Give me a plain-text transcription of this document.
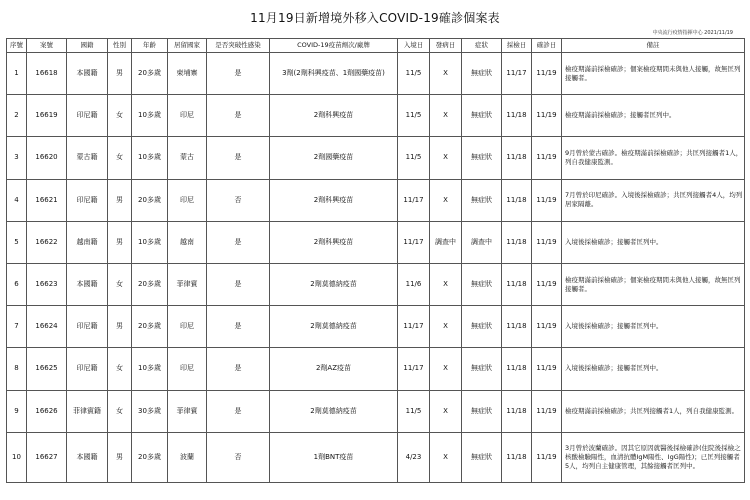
11月19日新增境外移入COVID-19確診個案表
中央流行疫情指揮中心 2021/11/19
序號	案號	國籍	性別	年齡	居留國家	是否突破性感染	COVID-19疫苗劑次/廠牌	入境日	發病日	症狀	採檢日	確診日	備註
1	16618	本國籍	男	20多歲	柬埔寨	是	3劑(2劑科興疫苗、1劑國藥疫苗)	11/5	X	無症狀	11/17	11/19	檢疫期滿前採檢確診；個案檢疫期間未與他人接觸，故無匡列接觸者。
2	16619	印尼籍	女	10多歲	印尼	是	2劑科興疫苗	11/5	X	無症狀	11/18	11/19	檢疫期滿前採檢確診；接觸者匡列中。
3	16620	蒙古籍	女	10多歲	蒙古	是	2劑國藥疫苗	11/5	X	無症狀	11/18	11/19	9月曾於蒙古確診。檢疫期滿前採檢確診；共匡列接觸者1人，列自我健康監測。
4	16621	印尼籍	男	20多歲	印尼	否	2劑科興疫苗	11/17	X	無症狀	11/18	11/19	7月曾於印尼確診。入境後採檢確診；共匡列接觸者4人，均列居家隔離。
5	16622	越南籍	男	10多歲	越南	是	2劑科興疫苗	11/17	調查中	調查中	11/18	11/19	入境後採檢確診；接觸者匡列中。
6	16623	本國籍	女	20多歲	菲律賓	是	2劑莫德納疫苗	11/6	X	無症狀	11/18	11/19	檢疫期滿前採檢確診；個案檢疫期間未與他人接觸，故無匡列接觸者。
7	16624	印尼籍	男	20多歲	印尼	是	2劑莫德納疫苗	11/17	X	無症狀	11/18	11/19	入境後採檢確診；接觸者匡列中。
8	16625	印尼籍	女	10多歲	印尼	是	2劑AZ疫苗	11/17	X	無症狀	11/18	11/19	入境後採檢確診；接觸者匡列中。
9	16626	菲律賓籍	女	30多歲	菲律賓	是	2劑莫德納疫苗	11/5	X	無症狀	11/18	11/19	檢疫期滿前採檢確診；共匡列接觸者1人，列自我健康監測。
10	16627	本國籍	男	20多歲	波蘭	否	1劑BNT疫苗	4/23	X	無症狀	11/18	11/19	3月曾於波蘭確診。因其它原因就醫後採檢確診(住院後採檢之核酸檢驗陽性，血清抗體IgM陽性、IgG陽性)；已匡列接觸者5人，均列自主健康管理，其餘接觸者匡列中。
